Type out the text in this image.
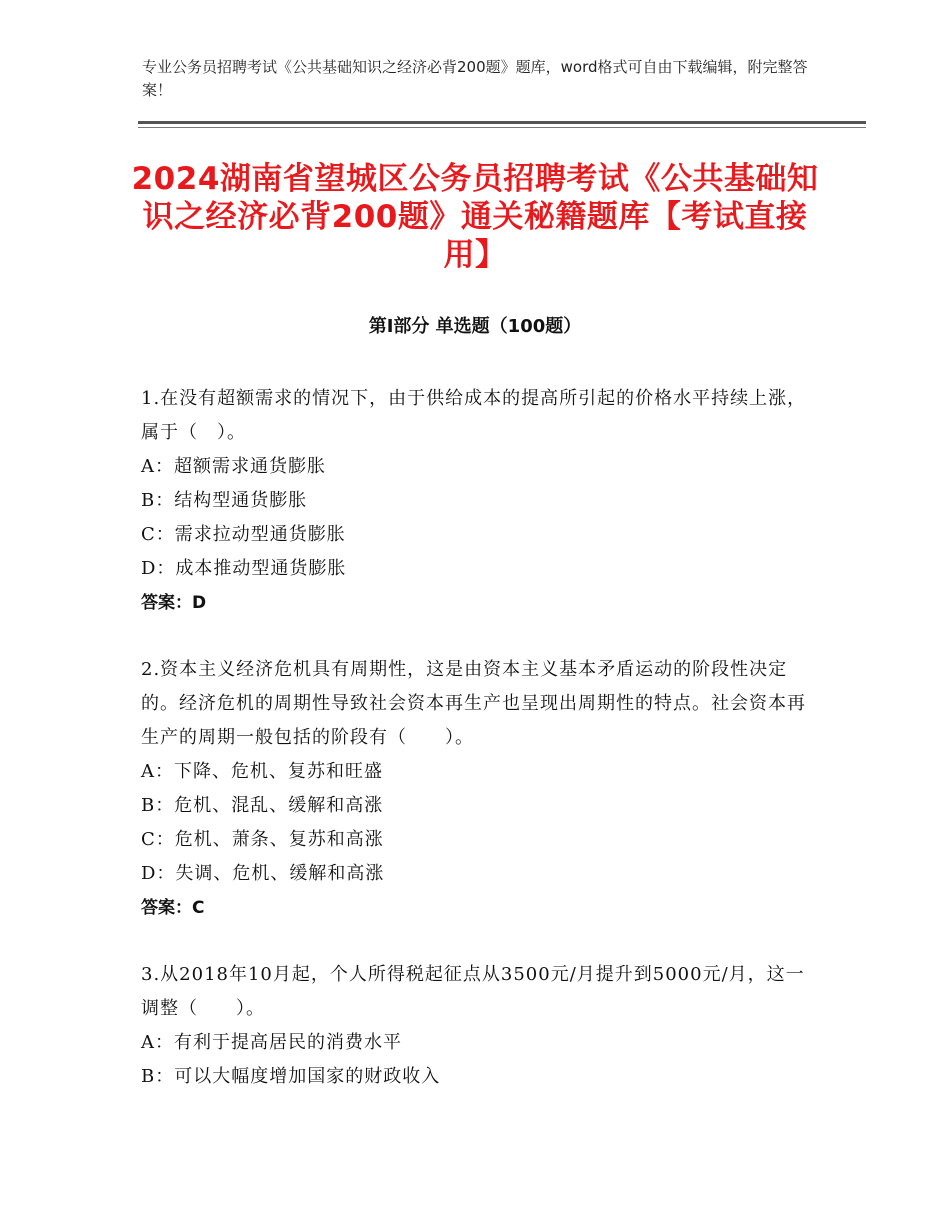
专业公务员招聘考试《公共基础知识之经济必背200题》题库，word格式可自由下载编辑，附完整答案！
2024湖南省望城区公务员招聘考试《公共基础知识之经济必背200题》通关秘籍题库【考试直接用】
第Ⅰ部分 单选题（100题）

1.在没有超额需求的情况下，由于供给成本的提高所引起的价格水平持续上涨，属于（　）。

A：超额需求通货膨胀

B：结构型通货膨胀

C：需求拉动型通货膨胀

D：成本推动型通货膨胀

答案：D

2.资本主义经济危机具有周期性，这是由资本主义基本矛盾运动的阶段性决定的。经济危机的周期性导致社会资本再生产也呈现出周期性的特点。社会资本再生产的周期一般包括的阶段有（　　）。

A：下降、危机、复苏和旺盛

B：危机、混乱、缓解和高涨

C：危机、萧条、复苏和高涨

D：失调、危机、缓解和高涨

答案：C

3.从2018年10月起，个人所得税起征点从3500元/月提升到5000元/月，这一调整（　　）。

A：有利于提高居民的消费水平

B：可以大幅度增加国家的财政收入
